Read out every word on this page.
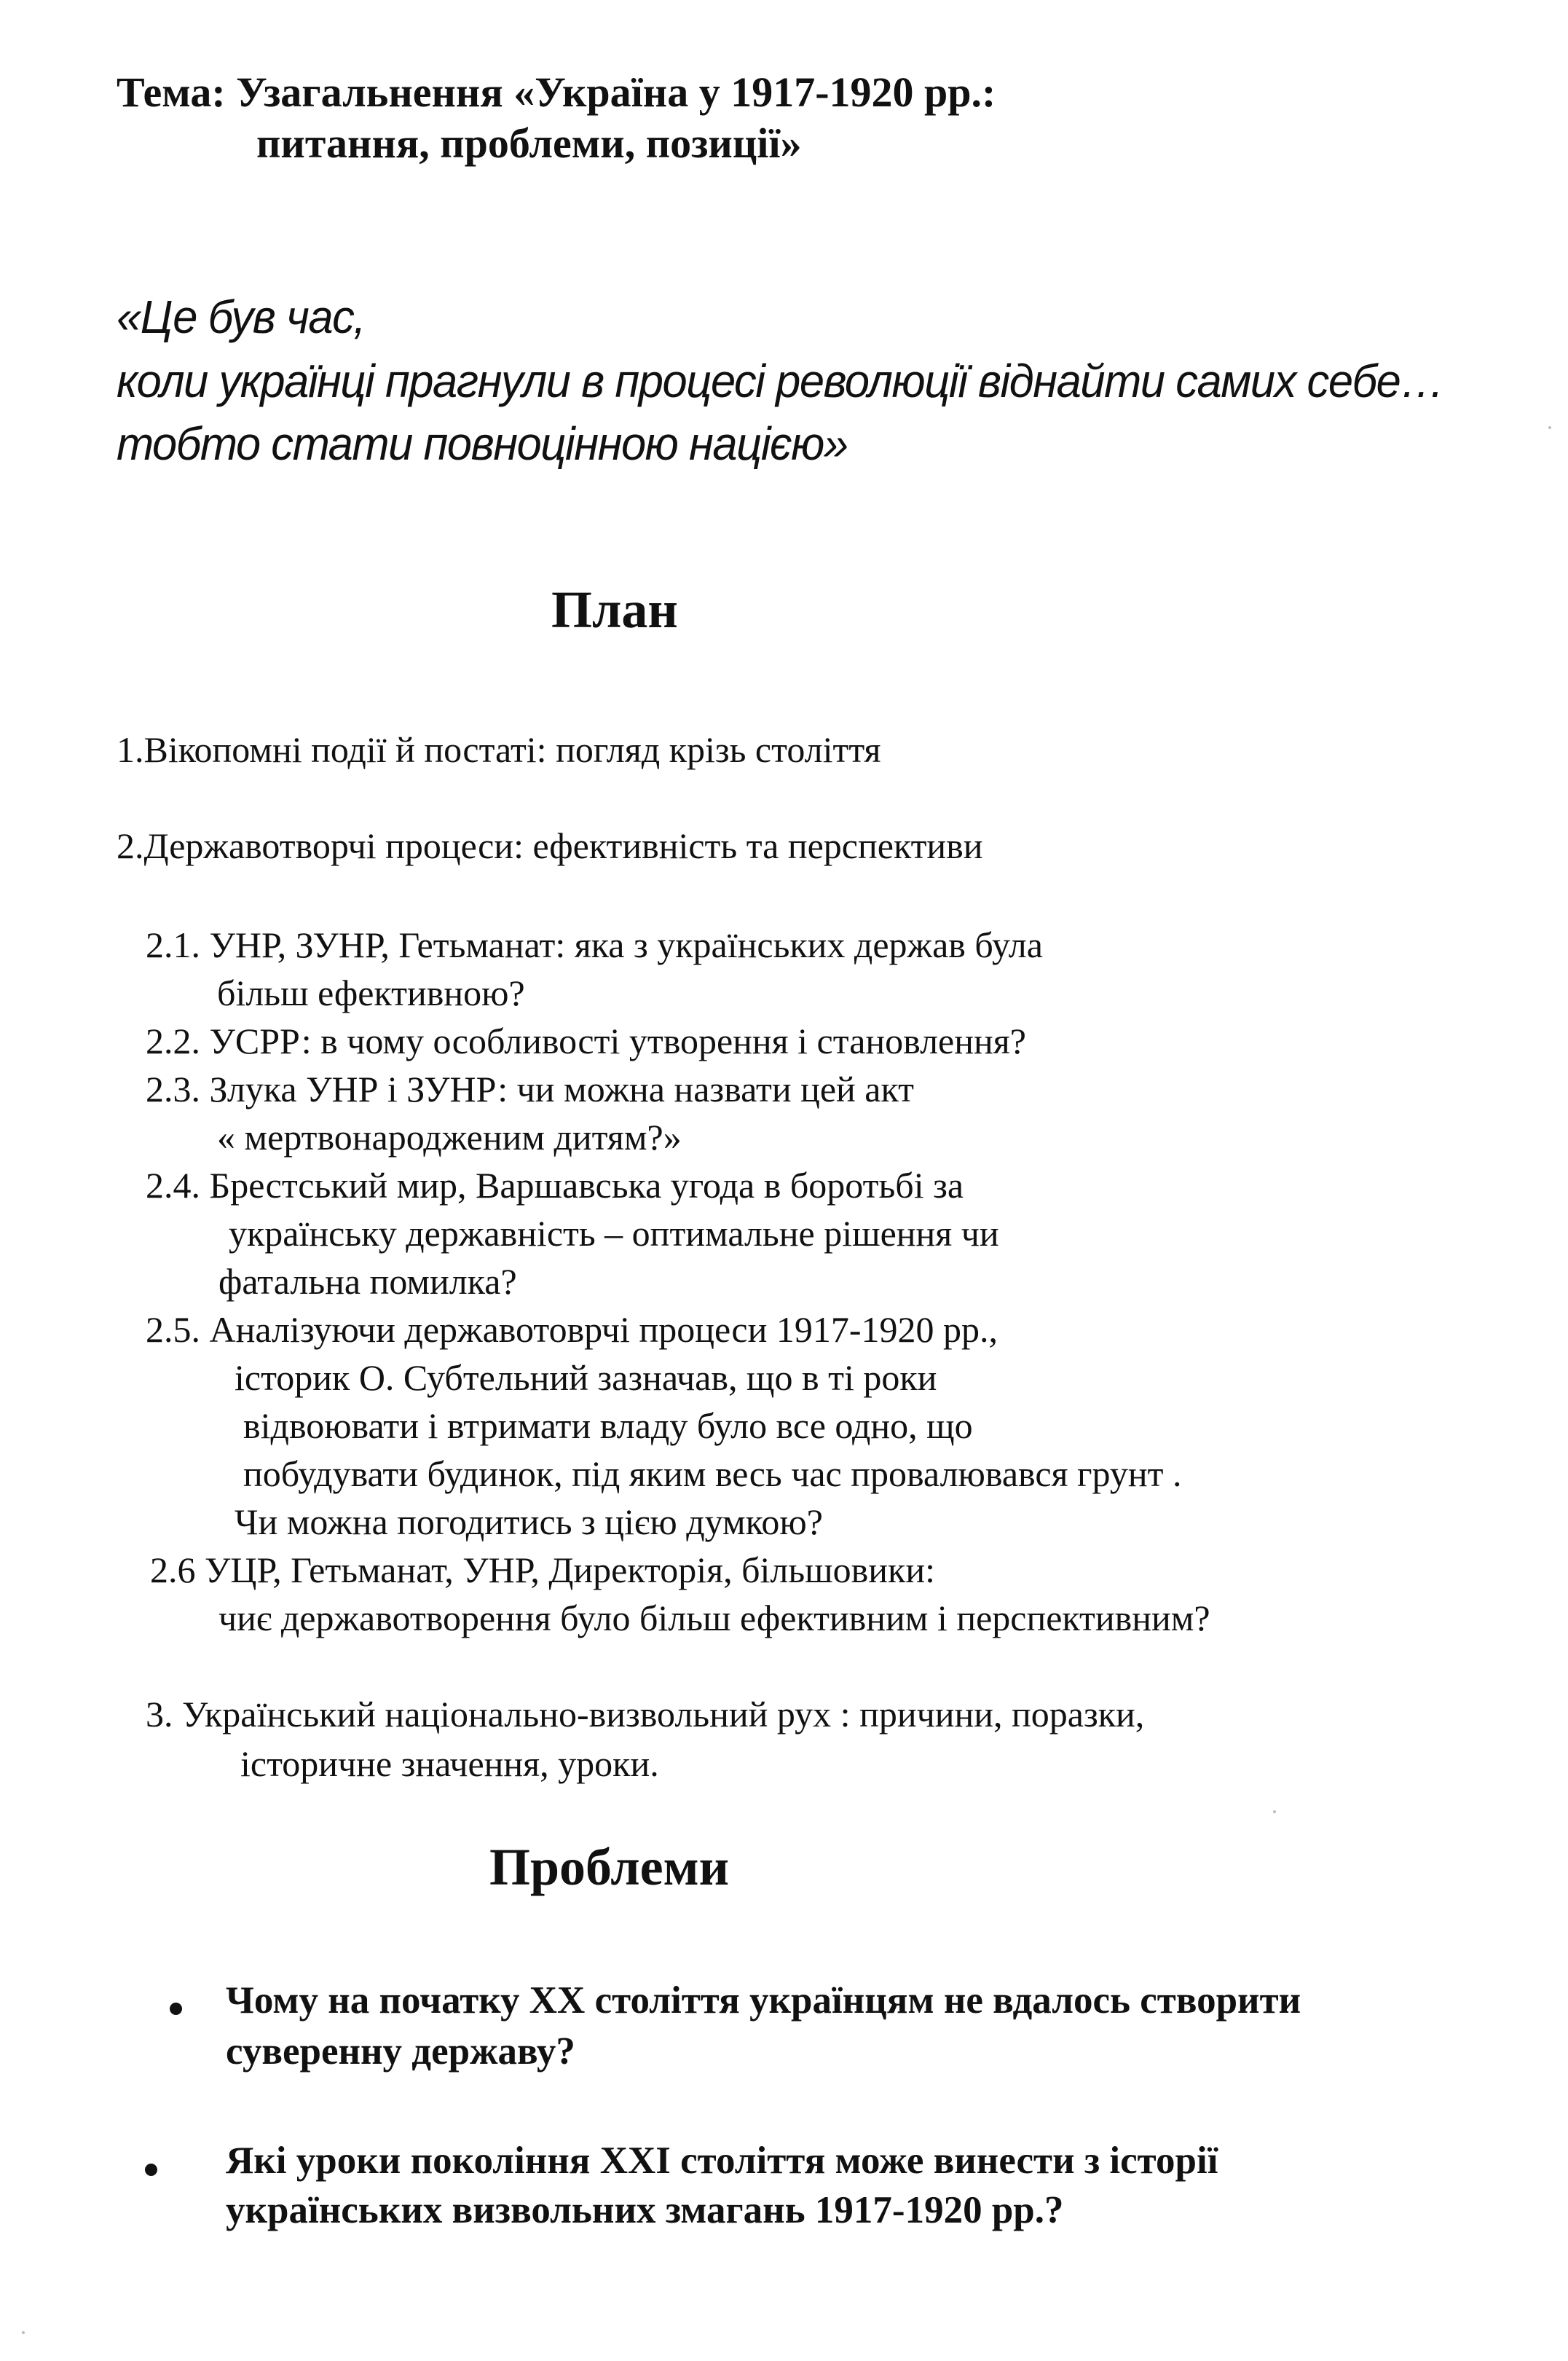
Тема: Узагальнення «Україна у 1917-1920 рр.:
питання, проблеми, позиції»
«Це був час,
коли українці прагнули в процесі революції віднайти самих себе…
тобто стати повноцінною нацією»
План
1.Вікопомні події й постаті: погляд крізь століття
2.Державотворчі процеси: ефективність та перспективи
2.1. УНР, ЗУНР, Гетьманат: яка з українських держав була
більш ефективною?
2.2. УСРР: в чому особливості утворення і становлення?
2.3. Злука УНР і ЗУНР: чи можна назвати цей акт
« мертвонародженим дитям?»
2.4. Брестський мир, Варшавська угода в боротьбі за
українську державність – оптимальне рішення чи
фатальна помилка?
2.5. Аналізуючи державотоврчі процеси 1917-1920 рр.,
історик О. Субтельний зазначав, що в ті роки
відвоювати і втримати владу було все одно, що
побудувати будинок, під яким весь час провалювався грунт .
Чи можна погодитись з цією думкою?
2.6 УЦР, Гетьманат, УНР, Директорія, більшовики:
чиє державотворення було більш ефективним і перспективним?
3. Український національно-визвольний рух : причини, поразки,
історичне значення, уроки.
Проблеми
Чому на початку ХХ століття українцям не вдалось створити
суверенну державу?
Які уроки покоління ХХІ століття може винести з історії
українських визвольних змагань 1917-1920 рр.?
